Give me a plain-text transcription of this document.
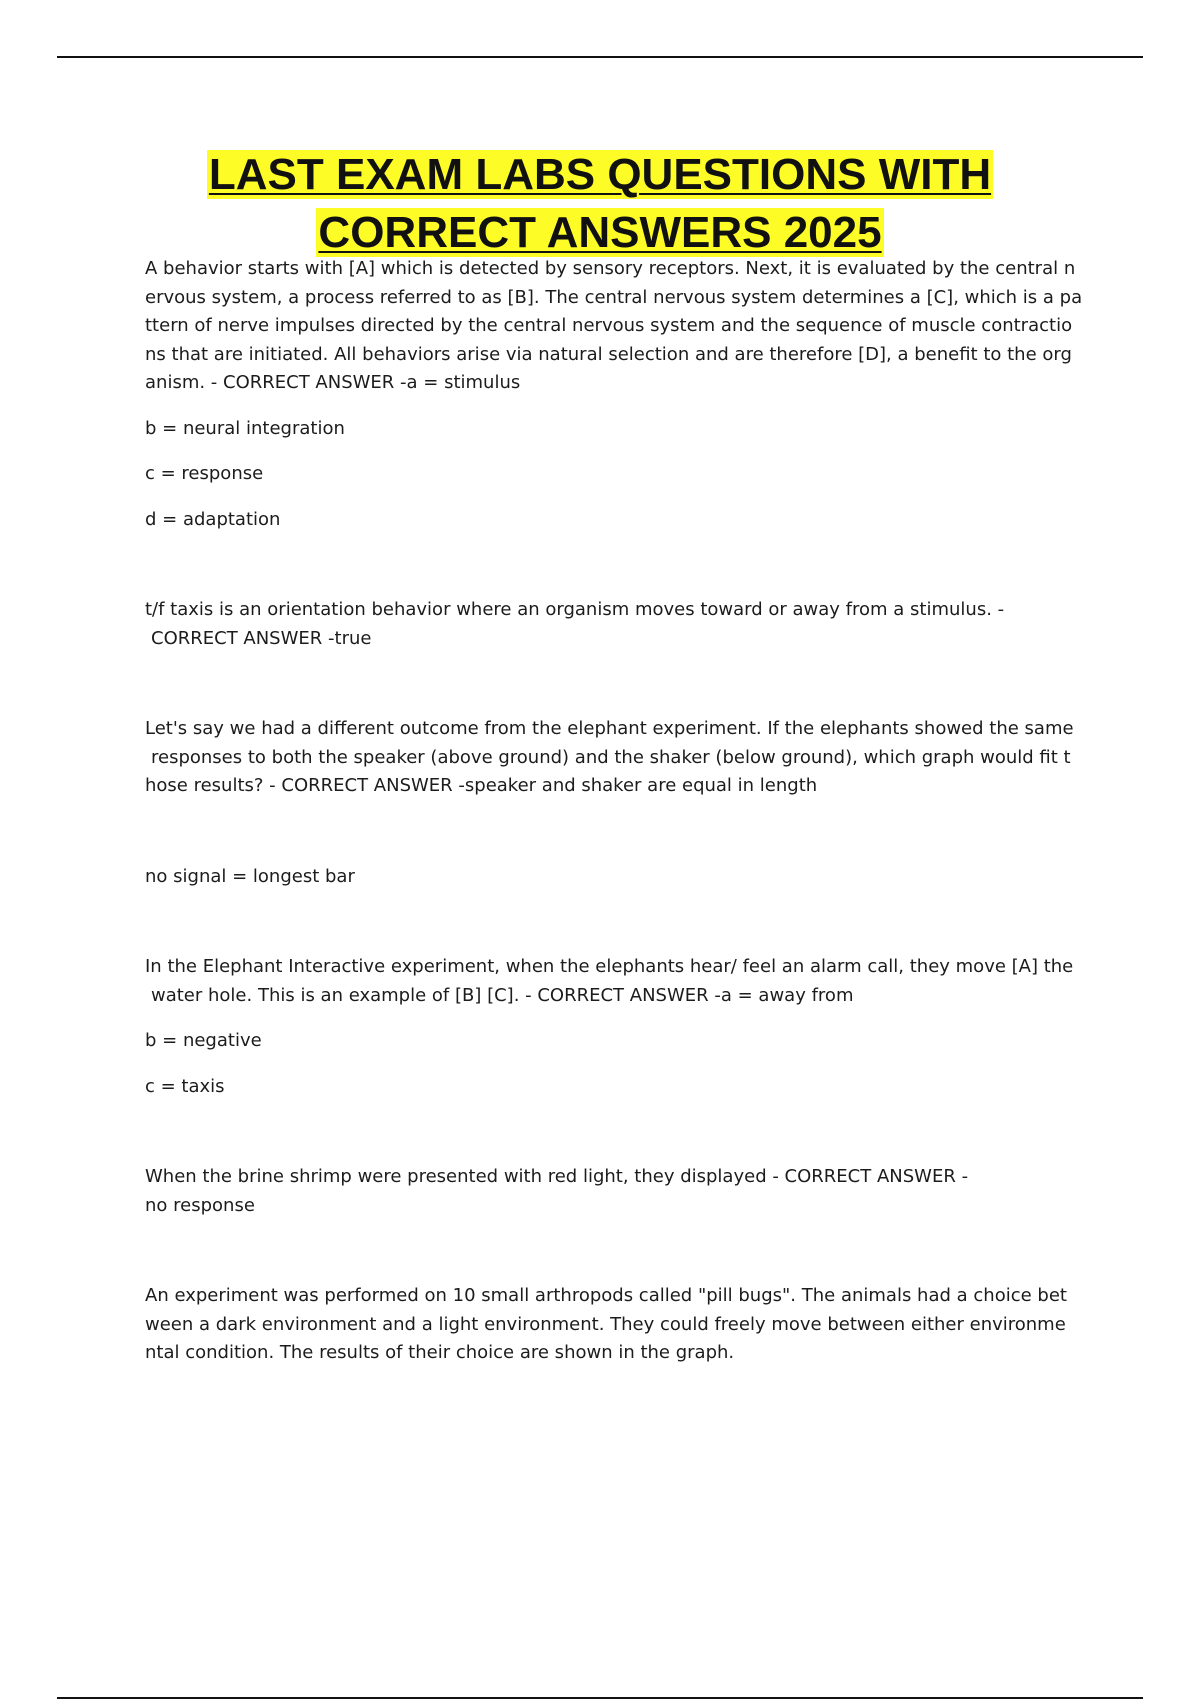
LAST EXAM LABS QUESTIONS WITH
CORRECT ANSWERS 2025

A behavior starts with [A] which is detected by sensory receptors. Next, it is evaluated by the central n

ervous system, a process referred to as [B]. The central nervous system determines a [C], which is a pa

ttern of nerve impulses directed by the central nervous system and the sequence of muscle contractio

ns that are initiated. All behaviors arise via natural selection and are therefore [D], a benefit to the org

anism. - CORRECT ANSWER -a = stimulus

b = neural integration

c = response

d = adaptation

t/f taxis is an orientation behavior where an organism moves toward or away from a stimulus. -

CORRECT ANSWER -true

Let's say we had a different outcome from the elephant experiment. If the elephants showed the same

responses to both the speaker (above ground) and the shaker (below ground), which graph would fit t

hose results? - CORRECT ANSWER -speaker and shaker are equal in length

no signal = longest bar

In the Elephant Interactive experiment, when the elephants hear/ feel an alarm call, they move [A] the

water hole. This is an example of [B] [C]. - CORRECT ANSWER -a = away from

b = negative

c = taxis

When the brine shrimp were presented with red light, they displayed - CORRECT ANSWER -

no response

An experiment was performed on 10 small arthropods called "pill bugs". The animals had a choice bet

ween a dark environment and a light environment. They could freely move between either environme

ntal condition. The results of their choice are shown in the graph.
